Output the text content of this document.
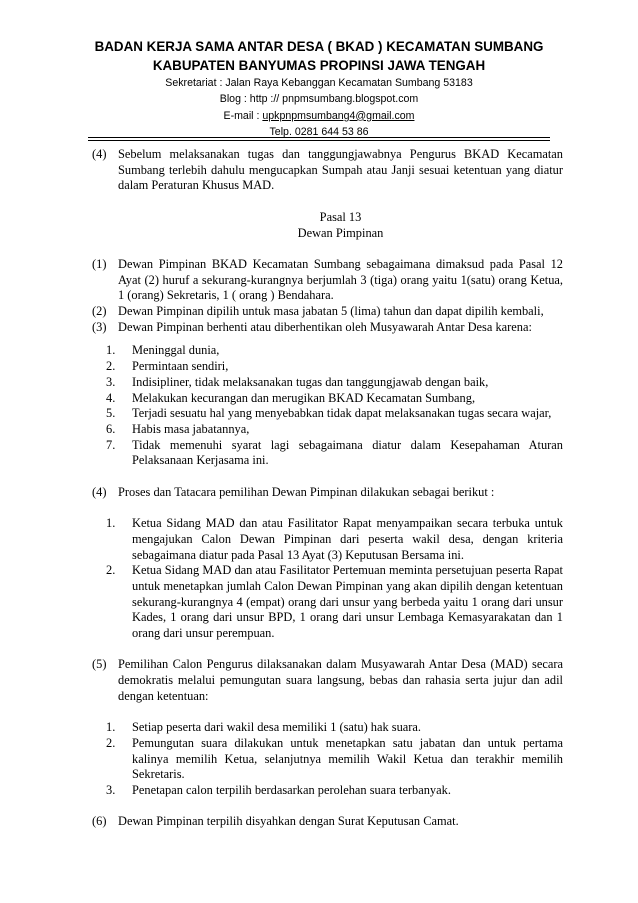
BADAN KERJA SAMA ANTAR DESA ( BKAD ) KECAMATAN SUMBANG
KABUPATEN BANYUMAS PROPINSI JAWA TENGAH
Sekretariat : Jalan Raya Kebanggan Kecamatan Sumbang 53183
Blog : http :// pnpmsumbang.blogspot.com
E-mail : upkpnpmsumbang4@gmail.com
Telp. 0281 644 53 86
(4) Sebelum melaksanakan tugas dan tanggungjawabnya Pengurus BKAD Kecamatan Sumbang terlebih dahulu mengucapkan Sumpah atau Janji sesuai ketentuan yang diatur dalam Peraturan Khusus MAD.
Pasal 13
Dewan Pimpinan
(1) Dewan Pimpinan BKAD Kecamatan Sumbang sebagaimana dimaksud pada Pasal 12 Ayat (2) huruf a sekurang-kurangnya berjumlah 3 (tiga) orang yaitu 1(satu) orang Ketua, 1 (orang) Sekretaris, 1 ( orang ) Bendahara.
(2) Dewan Pimpinan dipilih untuk masa jabatan 5 (lima) tahun dan dapat dipilih kembali,
(3) Dewan Pimpinan berhenti atau diberhentikan oleh Musyawarah Antar Desa karena:
1. Meninggal dunia,
2. Permintaan sendiri,
3. Indisipliner, tidak melaksanakan tugas dan tanggungjawab dengan baik,
4. Melakukan kecurangan dan merugikan BKAD Kecamatan Sumbang,
5. Terjadi sesuatu hal yang menyebabkan tidak dapat melaksanakan tugas secara wajar,
6. Habis masa jabatannya,
7. Tidak memenuhi syarat lagi sebagaimana diatur dalam Kesepahaman Aturan Pelaksanaan Kerjasama ini.
(4) Proses dan Tatacara pemilihan Dewan Pimpinan dilakukan sebagai berikut :
1. Ketua Sidang MAD dan atau Fasilitator Rapat menyampaikan secara terbuka untuk mengajukan Calon Dewan Pimpinan dari peserta wakil desa, dengan kriteria sebagaimana diatur pada Pasal 13 Ayat (3) Keputusan Bersama ini.
2. Ketua Sidang MAD dan atau Fasilitator Pertemuan meminta persetujuan peserta Rapat untuk menetapkan jumlah Calon Dewan Pimpinan yang akan dipilih dengan ketentuan sekurang-kurangnya 4 (empat) orang dari unsur yang berbeda yaitu 1 orang dari unsur Kades, 1 orang dari unsur BPD, 1 orang dari unsur Lembaga Kemasyarakatan dan 1 orang dari unsur perempuan.
(5) Pemilihan Calon Pengurus dilaksanakan dalam Musyawarah Antar Desa (MAD) secara demokratis melalui pemungutan suara langsung, bebas dan rahasia serta jujur dan adil dengan ketentuan:
1. Setiap peserta dari wakil desa memiliki 1 (satu) hak suara.
2. Pemungutan suara dilakukan untuk menetapkan satu jabatan dan untuk pertama kalinya memilih Ketua, selanjutnya memilih Wakil Ketua dan terakhir memilih Sekretaris.
3. Penetapan calon terpilih berdasarkan perolehan suara terbanyak.
(6) Dewan Pimpinan terpilih disyahkan dengan Surat Keputusan Camat.
